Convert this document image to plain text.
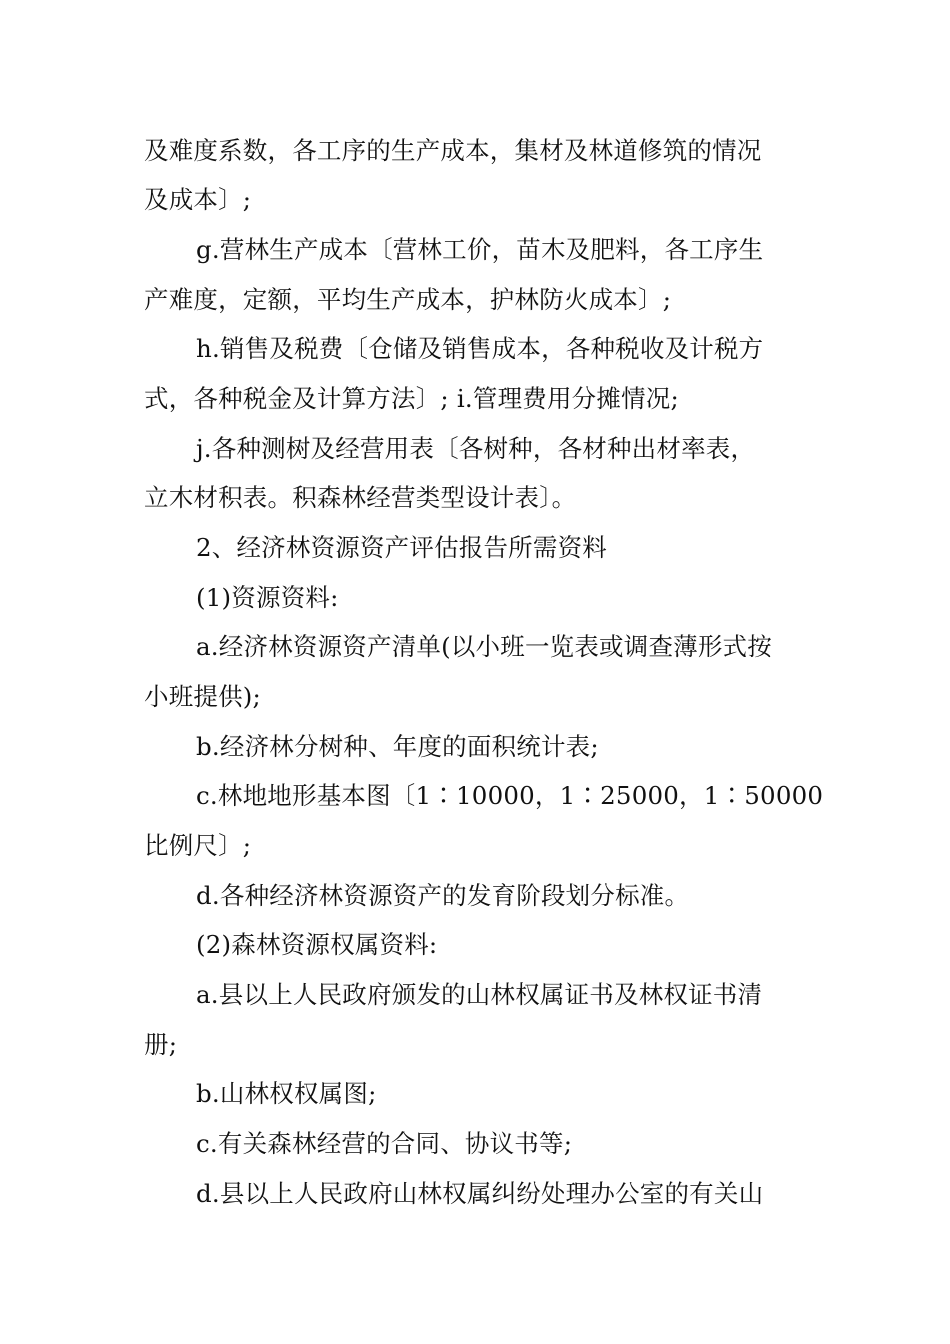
及难度系数，各工序的生产成本，集材及林道修筑的情况
及成本〕;
g.营林生产成本〔营林工价，苗木及肥料，各工序生
产难度，定额，平均生产成本，护林防火成本〕;
h.销售及税费〔仓储及销售成本，各种税收及计税方
式，各种税金及计算方法〕; i.管理费用分摊情况;
j.各种测树及经营用表〔各树种，各材种出材率表，
立木材积表。积森林经营类型设计表〕。
2、经济林资源资产评估报告所需资料
(1)资源资料:
a.经济林资源资产清单(以小班一览表或调查薄形式按
小班提供);
b.经济林分树种、年度的面积统计表;
c.林地地形基本图〔1∶10000，1∶25000，1∶50000
比例尺〕;
d.各种经济林资源资产的发育阶段划分标准。
(2)森林资源权属资料:
a.县以上人民政府颁发的山林权属证书及林权证书清
册;
b.山林权权属图;
c.有关森林经营的合同、协议书等;
d.县以上人民政府山林权属纠纷处理办公室的有关山
